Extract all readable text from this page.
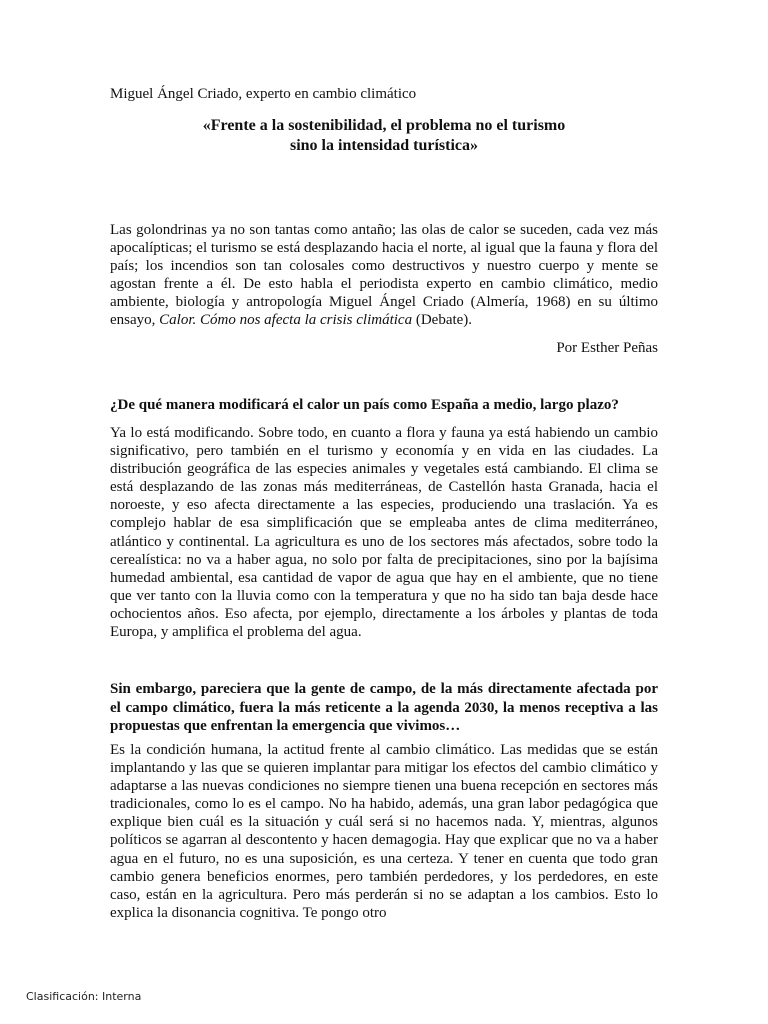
Miguel Ángel Criado, experto en cambio climático

«Frente a la sostenibilidad, el problema no el turismo
sino la intensidad turística»

Las golondrinas ya no son tantas como antaño; las olas de calor se suceden, cada vez más apocalípticas; el turismo se está desplazando hacia el norte, al igual que la fauna y flora del país; los incendios son tan colosales como destructivos y nuestro cuerpo y mente se agostan frente a él. De esto habla el periodista experto en cambio climático, medio ambiente, biología y antropología Miguel Ángel Criado (Almería, 1968) en su último ensayo, Calor. Cómo nos afecta la crisis climática (Debate).

Por Esther Peñas

¿De qué manera modificará el calor un país como España a medio, largo plazo?

Ya lo está modificando. Sobre todo, en cuanto a flora y fauna ya está habiendo un cambio significativo, pero también en el turismo y economía y en vida en las ciudades. La distribución geográfica de las especies animales y vegetales está cambiando. El clima se está desplazando de las zonas más mediterráneas, de Castellón hasta Granada, hacia el noroeste, y eso afecta directamente a las especies, produciendo una traslación. Ya es complejo hablar de esa simplificación que se empleaba antes de clima mediterráneo, atlántico y continental. La agricultura es uno de los sectores más afectados, sobre todo la cerealística: no va a haber agua, no solo por falta de precipitaciones, sino por la bajísima humedad ambiental, esa cantidad de vapor de agua que hay en el ambiente, que no tiene que ver tanto con la lluvia como con la temperatura y que no ha sido tan baja desde hace ochocientos años. Eso afecta, por ejemplo, directamente a los árboles y plantas de toda Europa, y amplifica el problema del agua.

Sin embargo, pareciera que la gente de campo, de la más directamente afectada por el campo climático, fuera la más reticente a la agenda 2030, la menos receptiva a las propuestas que enfrentan la emergencia que vivimos…

Es la condición humana, la actitud frente al cambio climático. Las medidas que se están implantando y las que se quieren implantar para mitigar los efectos del cambio climático y adaptarse a las nuevas condiciones no siempre tienen una buena recepción en sectores más tradicionales, como lo es el campo. No ha habido, además, una gran labor pedagógica que explique bien cuál es la situación y cuál será si no hacemos nada. Y, mientras, algunos políticos se agarran al descontento y hacen demagogia. Hay que explicar que no va a haber agua en el futuro, no es una suposición, es una certeza. Y tener en cuenta que todo gran cambio genera beneficios enormes, pero también perdedores, y los perdedores, en este caso, están en la agricultura. Pero más perderán si no se adaptan a los cambios. Esto lo explica la disonancia cognitiva. Te pongo otro

Clasificación: Interna
